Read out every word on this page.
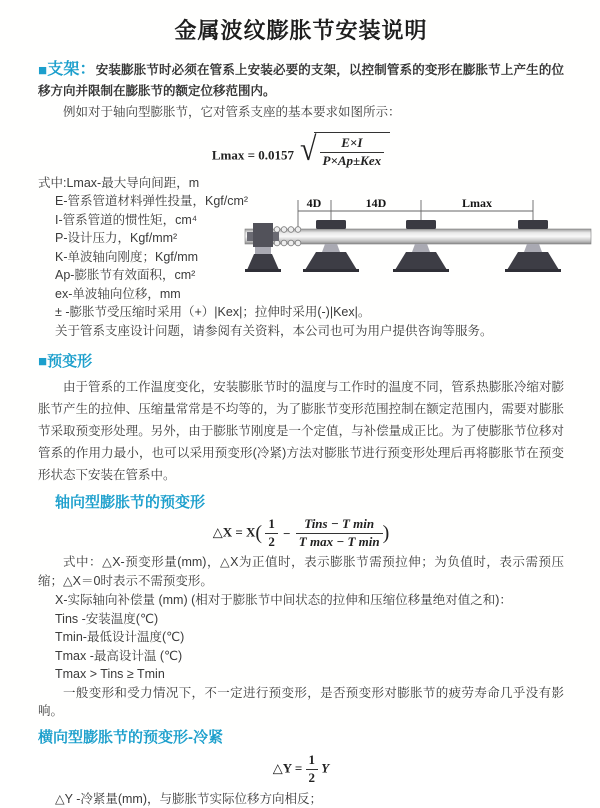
金属波纹膨胀节安装说明
■支架：安装膨胀节时必须在管系上安装必要的支架，以控制管系的变形在膨胀节上产生的位移方向并限制在膨胀节的额定位移范围内。
例如对于轴向型膨胀节，它对管系支座的基本要求如图所示：
Lmax = 0.0157 √ $\frac{E\times I}{\text{P×Ap±Kex}}$
式中:Lmax-最大导向间距，m
E-管系管道材料弹性投量，Kgf/cm²
I-管系管道的惯性矩，cm⁴
P-设计压力，Kgf/mm²
K-单波轴向刚度；Kgf/mm
Ap-膨胀节有效面积，cm²
ex-单波轴向位移，mm
± -膨胀节受压缩时采用（+）|Kex|；拉伸时采用(-)|Kex|。
关于管系支座设计问题，请参阅有关资料，本公司也可为用户提供咨询等服务。
■预变形
由于管系的工作温度变化，安装膨胀节时的温度与工作时的温度不同，管系热膨胀冷缩对膨胀节产生的拉伸、压缩量常常是不均等的，为了膨胀节变形范围控制在额定范围内，需要对膨胀节采取预变形处理。另外，由于膨胀节刚度是一个定值，与补偿量成正比。为了使膨胀节位移对管系的作用力最小，也可以采用预变形(冷紧)方法对膨胀节进行预变形处理后再将膨胀节在预变形状态下安装在管系中。
轴向型膨胀节的预变形
△X = $X( \frac{1}{2} - \frac{\text{Tins − T min}}{\text{T max − T min}}$ )
式中：△X-预变形量(mm)，△X为正值时，表示膨胀节需预拉伸；为负值时，表示需预压缩；△X＝0时表示不需预变形。
X-实际轴向补偿量 (mm) (相对于膨胀节中间状态的拉伸和压缩位移量绝对值之和)：
Tins -安装温度(℃)
Tmin-最低设计温度(℃)
Tmax -最高设计温 (℃)
Tmax > Tins ≥ Tmin
一般变形和受力情况下，不一定进行预变形，是否预变形对膨胀节的疲劳寿命几乎没有影响。
横向型膨胀节的预变形-冷紧
△Y = $\frac{1}{2}$ Y
△Y -冷紧量(mm)，与膨胀节实际位移方向相反；
4D	14D	Lmax
